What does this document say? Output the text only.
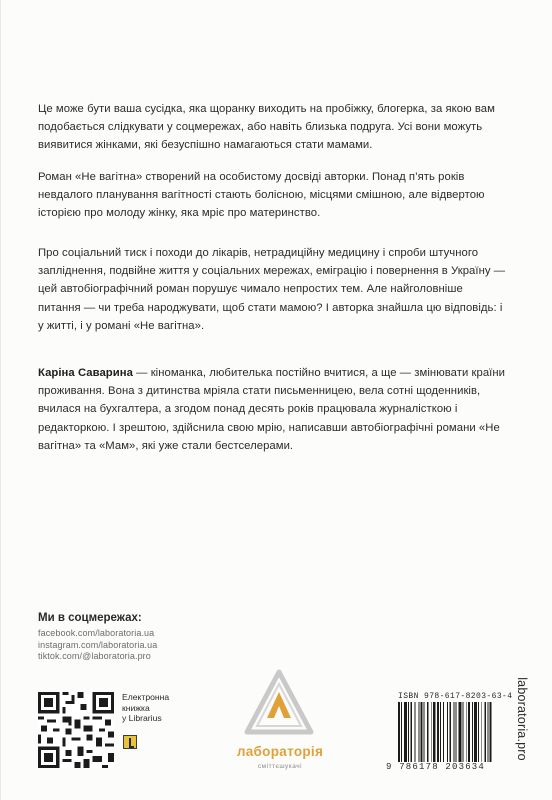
Це може бути ваша сусідка, яка щоранку виходить на пробіжку, блогерка, за якою вам подобається слідкувати у соцмережах, або навіть близька подруга. Усі вони можуть виявитися жінками, які безуспішно намагаються стати мамами.

Роман «Не вагітна» створений на особистому досвіді авторки. Понад п’ять років невдалого планування вагітності стають болісною, місцями смішною, але відвертою історією про молоду жінку, яка мріє про материнство.

Про соціальний тиск і походи до лікарів, нетрадиційну медицину і спроби штучного запліднення, подвійне життя у соціальних мережах, еміграцію і повернення в Україну — цей автобіографічний роман порушує чимало непростих тем. Але найголовніше питання — чи треба народжувати, щоб стати мамою? І авторка знайшла цю відповідь: і у житті, і у романі «Не вагітна».

Каріна Саварина — кіноманка, любителька постійно вчитися, а ще — змінювати країни проживання. Вона з дитинства мріяла стати письменницею, вела сотні щоденників, вчилася на бухгалтера, а згодом понад десять років працювала журналісткою і редакторкою. І зрештою, здійснила свою мрію, написавши автобіографічні романи «Не вагітна» та «Мам», які уже стали бестселерами.

Ми в соцмережах:
facebook.com/laboratoria.ua
instagram.com/laboratoria.ua
tiktok.com/@laboratoria.pro
Електронна
книжка
у Librarius
лабораторія
сміттєшукачі
ISBN 978-617-8203-63-4
9 786178 203634
laboratoria.pro
